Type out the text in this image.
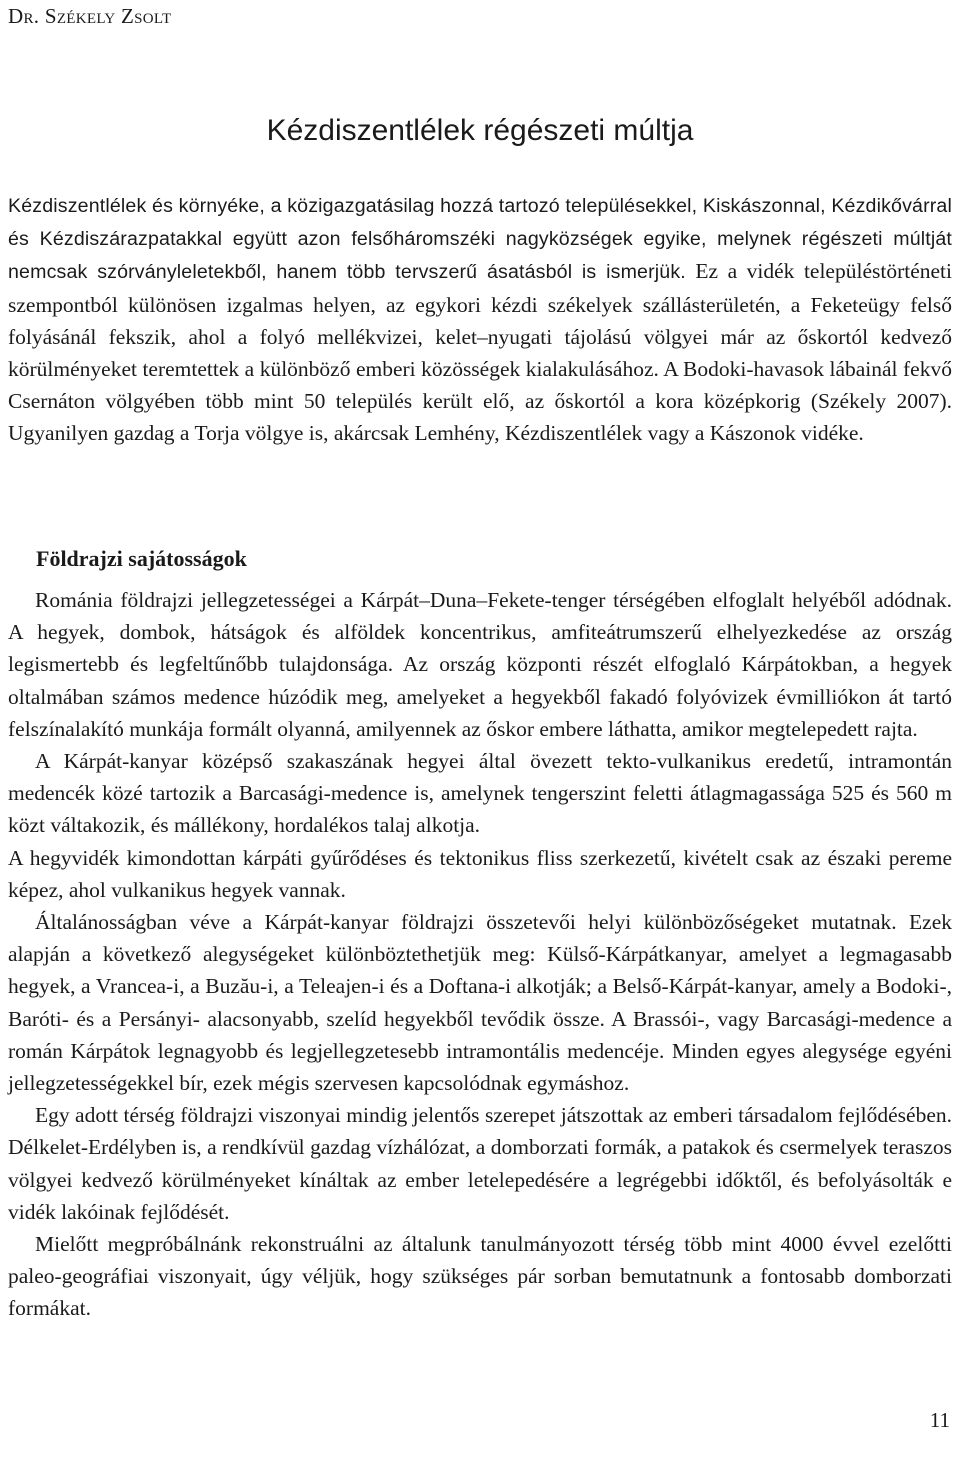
Dr. Székely Zsolt
Kézdiszentlélek régészeti múltja

Kézdiszentlélek és környéke, a közigazgatásilag hozzá tartozó településekkel, Kiskászonnal, Kézdikővárral és Kézdiszárazpatakkal együtt azon felsőháromszéki nagyközségek egyike, melynek régészeti múltját nemcsak szórványleletekből, hanem több tervszerű ásatásból is ismerjük. Ez a vidék településtörténeti szempontból különösen izgalmas helyen, az egykori kézdi székelyek szállásterületén, a Feketeügy felső folyásánál fekszik, ahol a folyó mellékvizei, kelet–nyugati tájolású völgyei már az őskortól kedvező körülményeket teremtettek a különböző emberi közösségek kialakulásához. A Bodoki-havasok lábainál fekvő Csernáton völgyében több mint 50 település került elő, az őskortól a kora középkorig (Székely 2007). Ugyanilyen gazdag a Torja völgye is, akárcsak Lemhény, Kézdiszentlélek vagy a Kászonok vidéke.

Földrajzi sajátosságok

Románia földrajzi jellegzetességei a Kárpát–Duna–Fekete-tenger térségében elfoglalt helyéből adódnak. A hegyek, dombok, hátságok és alföldek koncentrikus, amfiteátrumszerű elhelyezkedése az ország legismertebb és legfeltűnőbb tulajdonsága. Az ország központi részét elfoglaló Kárpátokban, a hegyek oltalmában számos medence húzódik meg, amelyeket a hegyekből fakadó folyóvizek évmilliókon át tartó felszínalakító munkája formált olyanná, amilyennek az őskor embere láthatta, amikor megtelepedett rajta.

A Kárpát-kanyar középső szakaszának hegyei által övezett tekto-vulkanikus eredetű, intramontán medencék közé tartozik a Barcasági-medence is, amelynek tengerszint feletti átlagmagassága 525 és 560 m közt váltakozik, és mállékony, hordalékos talaj alkotja.

A hegyvidék kimondottan kárpáti gyűrődéses és tektonikus fliss szerkezetű, kivételt csak az északi pereme képez, ahol vulkanikus hegyek vannak.

Általánosságban véve a Kárpát-kanyar földrajzi összetevői helyi különbözőségeket mutatnak. Ezek alapján a következő alegységeket különböztethetjük meg: Külső-Kárpátkanyar, amelyet a legmagasabb hegyek, a Vrancea-i, a Buzău-i, a Teleajen-i és a Doftana-i alkotják; a Belső-Kárpát-kanyar, amely a Bodoki-, Baróti- és a Persányi- alacsonyabb, szelíd hegyekből tevődik össze. A Brassói-, vagy Barcasági-medence a román Kárpátok legnagyobb és legjellegzetesebb intramontális medencéje. Minden egyes alegysége egyéni jellegzetességekkel bír, ezek mégis szervesen kapcsolódnak egymáshoz.

Egy adott térség földrajzi viszonyai mindig jelentős szerepet játszottak az emberi társadalom fejlődésében. Délkelet-Erdélyben is, a rendkívül gazdag vízhálózat, a domborzati formák, a patakok és csermelyek teraszos völgyei kedvező körülményeket kínáltak az ember letelepedésére a legrégebbi időktől, és befolyásolták e vidék lakóinak fejlődését.

Mielőtt megpróbálnánk rekonstruálni az általunk tanulmányozott térség több mint 4000 évvel ezelőtti paleo-geográfiai viszonyait, úgy véljük, hogy szükséges pár sorban bemutatnunk a fontosabb domborzati formákat.

11
